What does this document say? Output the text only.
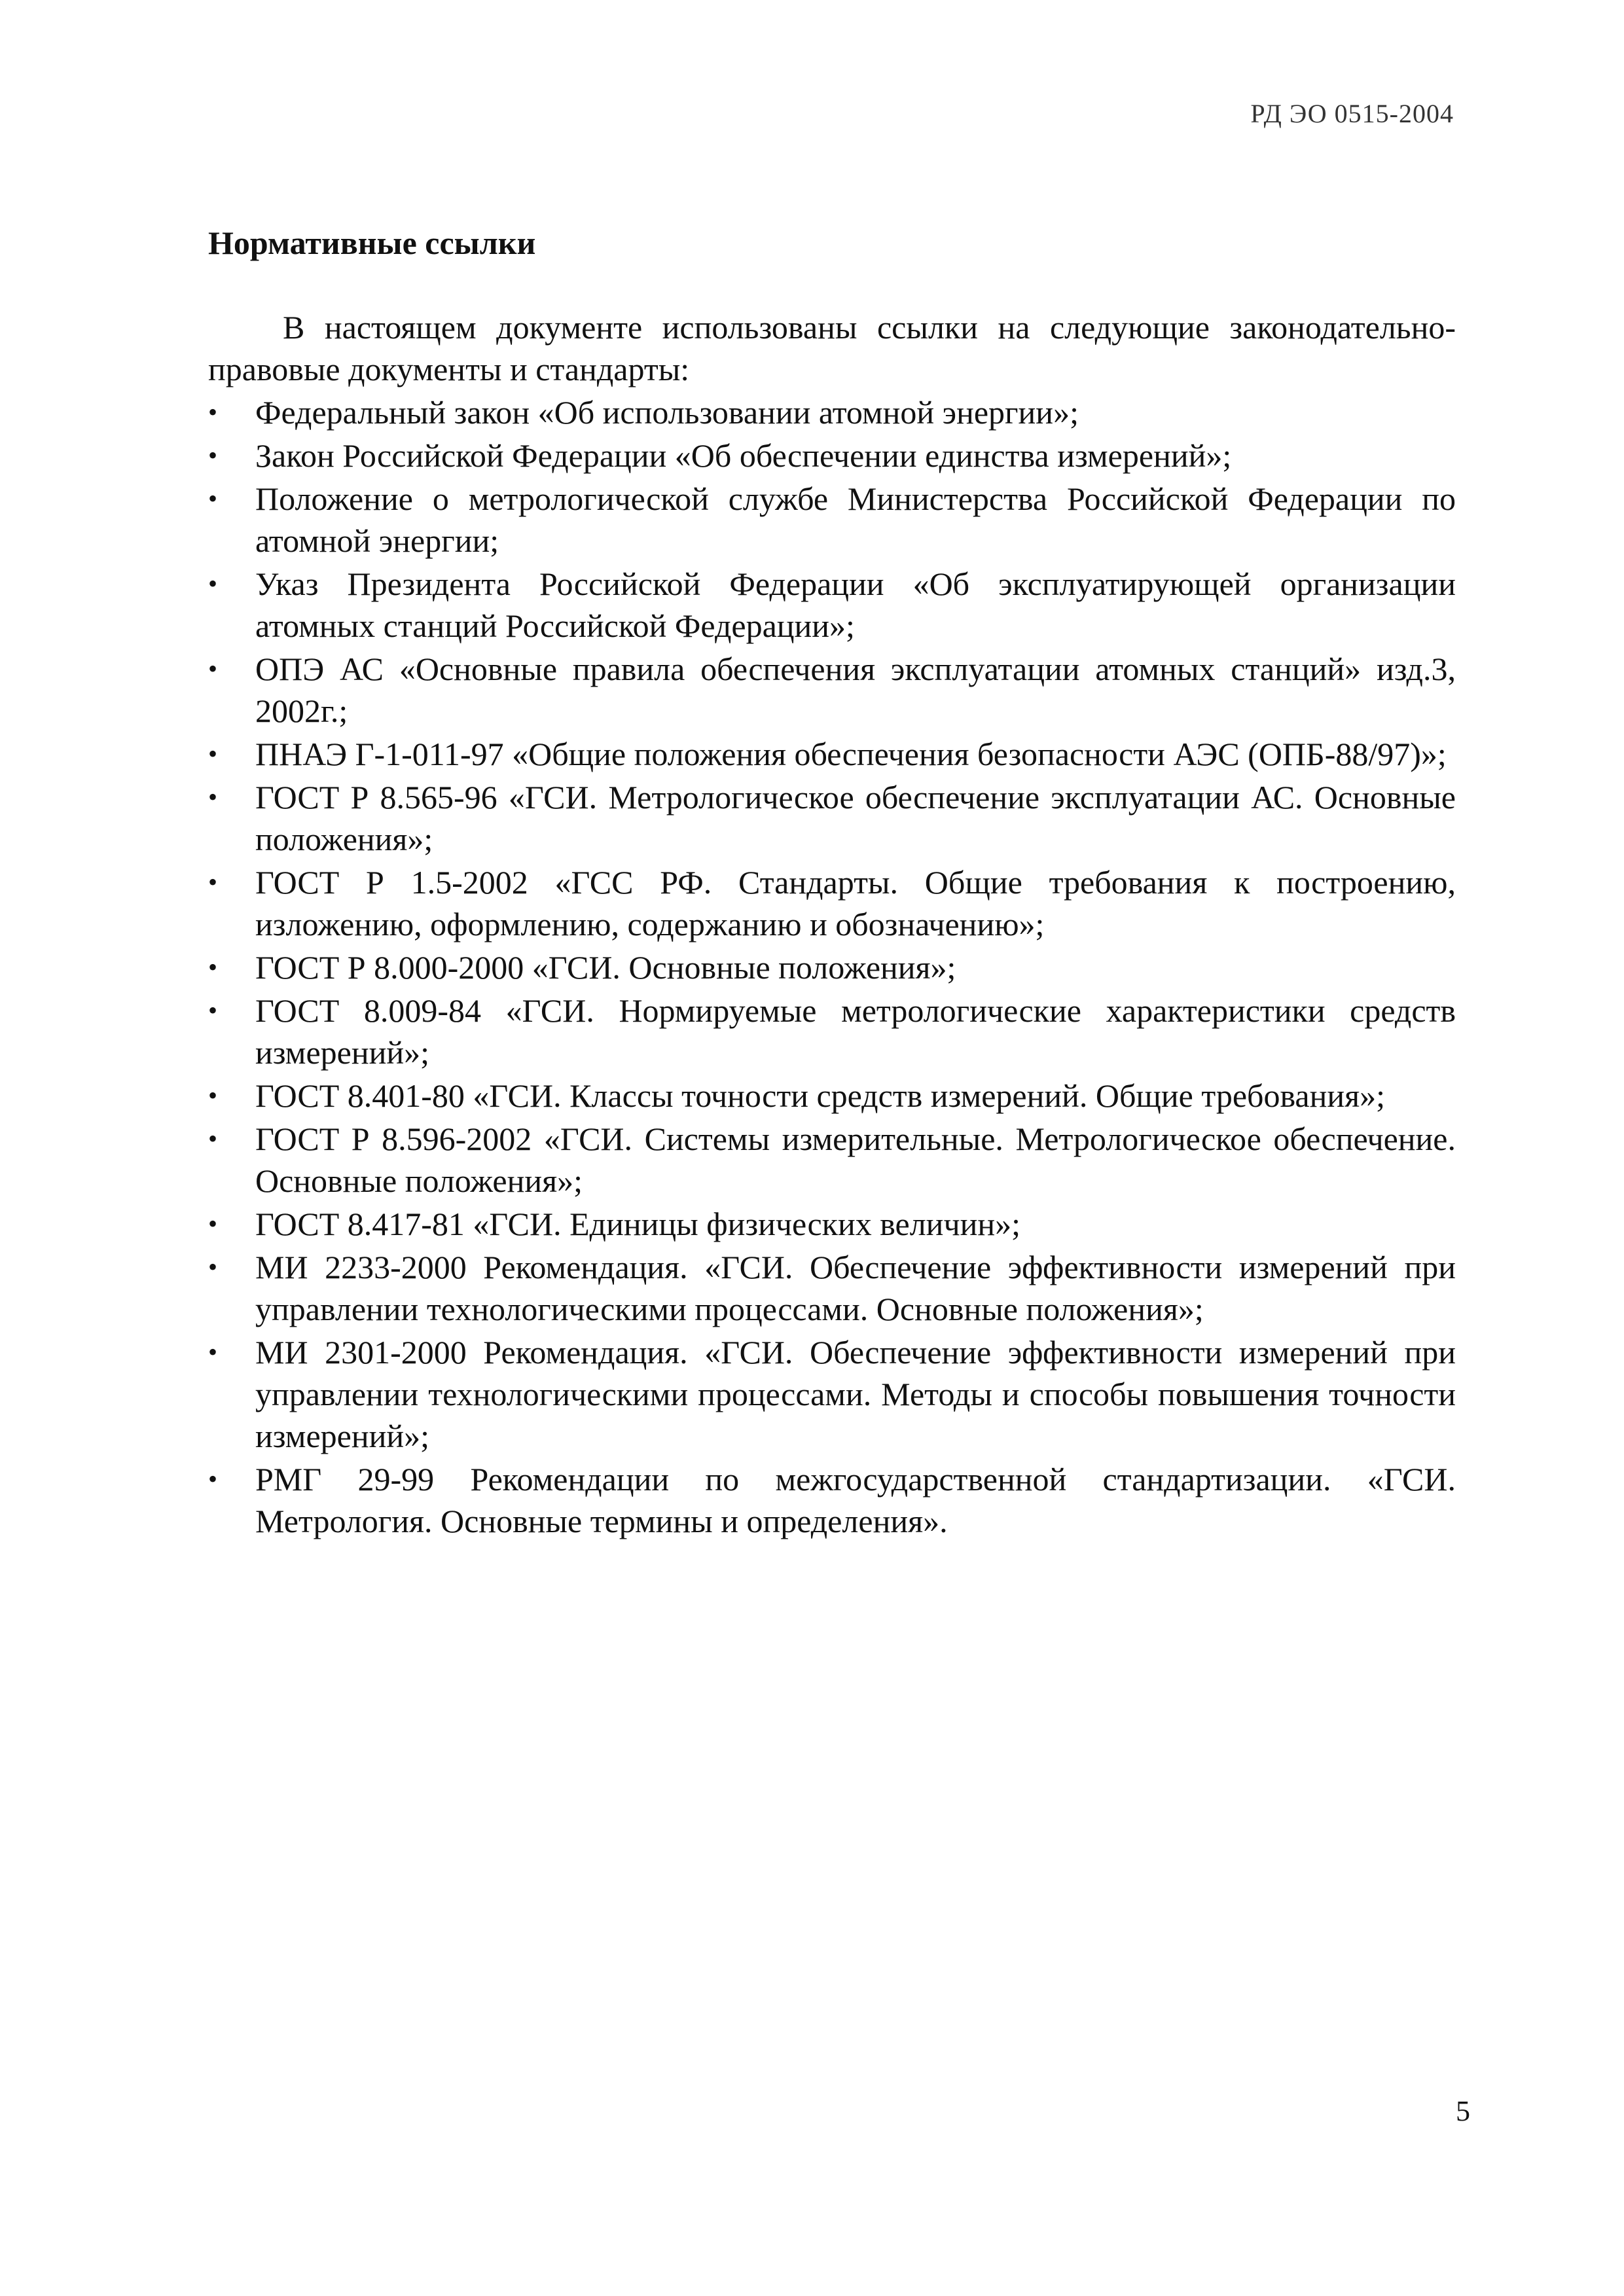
РД ЭО 0515-2004
Нормативные ссылки

В настоящем документе использованы ссылки на следующие законодательно-правовые документы и стандарты:

•	Федеральный закон «Об использовании атомной энергии»;
•	Закон Российской Федерации «Об обеспечении единства измерений»;
•	Положение о метрологической службе Министерства Российской Федерации по атомной энергии;
•	Указ Президента Российской Федерации «Об эксплуатирующей организации атомных станций Российской Федерации»;
•	ОПЭ АС «Основные правила обеспечения эксплуатации атомных станций» изд.3, 2002г.;
•	ПНАЭ Г-1-011-97 «Общие положения обеспечения безопасности АЭС (ОПБ-88/97)»;
•	ГОСТ Р 8.565-96 «ГСИ. Метрологическое обеспечение эксплуатации АС. Основные положения»;
•	ГОСТ Р 1.5-2002 «ГСС РФ. Стандарты. Общие требования к построению, изложению, оформлению, содержанию и обозначению»;
•	ГОСТ Р 8.000-2000 «ГСИ. Основные положения»;
•	ГОСТ 8.009-84 «ГСИ. Нормируемые метрологические характеристики средств измерений»;
•	ГОСТ 8.401-80 «ГСИ. Классы точности средств измерений. Общие требования»;
•	ГОСТ Р 8.596-2002 «ГСИ. Системы измерительные. Метрологическое обеспечение. Основные положения»;
•	ГОСТ 8.417-81 «ГСИ. Единицы физических величин»;
•	МИ 2233-2000 Рекомендация. «ГСИ. Обеспечение эффективности измерений при управлении технологическими процессами. Основные положения»;
•	МИ 2301-2000 Рекомендация. «ГСИ. Обеспечение эффективности измерений при управлении технологическими процессами. Методы и способы повышения точности измерений»;
•	РМГ 29-99 Рекомендации по межгосударственной стандартизации. «ГСИ. Метрология. Основные термины и определения».
5
